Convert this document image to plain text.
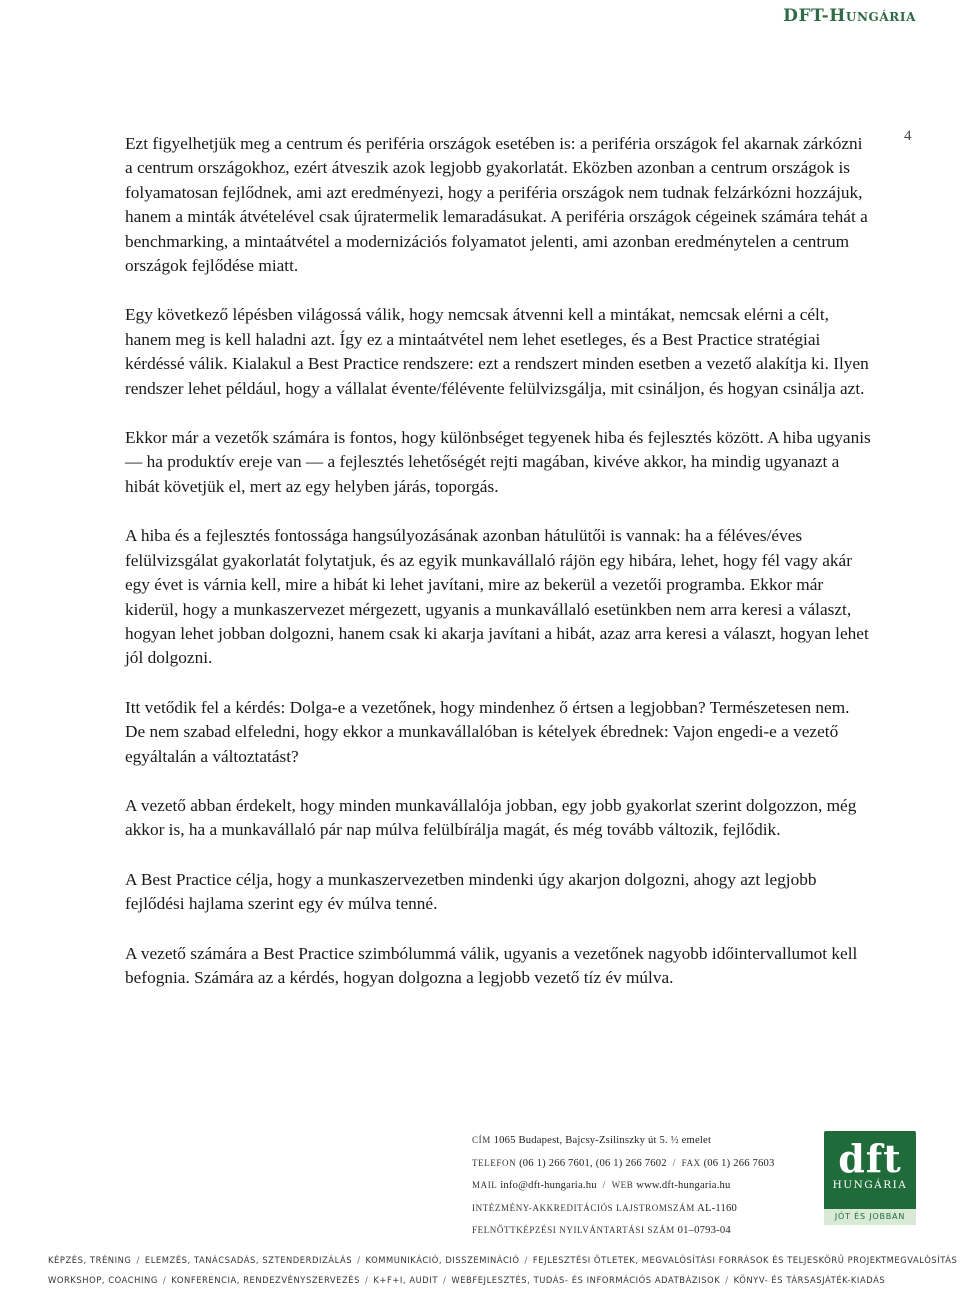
DFT-Hungária
4

Ezt figyelhetjük meg a centrum és periféria országok esetében is: a periféria országok fel akarnak zárkózni a centrum országokhoz, ezért átveszik azok legjobb gyakorlatát. Eközben azonban a centrum országok is folyamatosan fejlődnek, ami azt eredményezi, hogy a periféria országok nem tudnak felzárkózni hozzájuk, hanem a minták átvételével csak újratermelik lemaradásukat. A periféria országok cégeinek számára tehát a benchmarking, a mintaátvétel a modernizációs folyamatot jelenti, ami azonban eredménytelen a centrum országok fejlődése miatt.

Egy következő lépésben világossá válik, hogy nemcsak átvenni kell a mintákat, nemcsak elérni a célt, hanem meg is kell haladni azt. Így ez a mintaátvétel nem lehet esetleges, és a Best Practice stratégiai kérdéssé válik. Kialakul a Best Practice rendszere: ezt a rendszert minden esetben a vezető alakítja ki. Ilyen rendszer lehet például, hogy a vállalat évente/félévente felülvizsgálja, mit csináljon, és hogyan csinálja azt.

Ekkor már a vezetők számára is fontos, hogy különbséget tegyenek hiba és fejlesztés között. A hiba ugyanis — ha produktív ereje van — a fejlesztés lehetőségét rejti magában, kivéve akkor, ha mindig ugyanazt a hibát követjük el, mert az egy helyben járás, toporgás.

A hiba és a fejlesztés fontossága hangsúlyozásának azonban hátulütői is vannak: ha a féléves/éves felülvizsgálat gyakorlatát folytatjuk, és az egyik munkavállaló rájön egy hibára, lehet, hogy fél vagy akár egy évet is várnia kell, mire a hibát ki lehet javítani, mire az bekerül a vezetői programba. Ekkor már kiderül, hogy a munkaszervezet mérgezett, ugyanis a munkavállaló esetünkben nem arra keresi a választ, hogyan lehet jobban dolgozni, hanem csak ki akarja javítani a hibát, azaz arra keresi a választ, hogyan lehet jól dolgozni.

Itt vetődik fel a kérdés: Dolga-e a vezetőnek, hogy mindenhez ő értsen a legjobban? Természetesen nem. De nem szabad elfeledni, hogy ekkor a munkavállalóban is kételyek ébrednek: Vajon engedi-e a vezető egyáltalán a változtatást?

A vezető abban érdekelt, hogy minden munkavállalója jobban, egy jobb gyakorlat szerint dolgozzon, még akkor is, ha a munkavállaló pár nap múlva felülbírálja magát, és még tovább változik, fejlődik.

A Best Practice célja, hogy a munkaszervezetben mindenki úgy akarjon dolgozni, ahogy azt legjobb fejlődési hajlama szerint egy év múlva tenné.

A vezető számára a Best Practice szimbólummá válik, ugyanis a vezetőnek nagyobb időintervallumot kell befognia. Számára az a kérdés, hogyan dolgozna a legjobb vezető tíz év múlva.

CÍM 1065 Budapest, Bajcsy-Zsilinszky út 5. ½ emelet
TELEFON (06 1) 266 7601, (06 1) 266 7602 / FAX (06 1) 266 7603
MAIL info@dft-hungaria.hu / WEB www.dft-hungaria.hu
INTÉZMÉNY-AKKREDITÁCIÓS LAJSTROMSZÁM AL-1160
FELNŐTTKÉPZÉSI NYILVÁNTARTÁSI SZÁM 01–0793-04
dft
HUNGÁRIA
JÓT ÉS JOBBAN
KÉPZÉS, TRÉNING / ELEMZÉS, TANÁCSADÁS, SZTENDERDIZÁLÁS / KOMMUNIKÁCIÓ, DISSZEMINÁCIÓ / FEJLESZTÉSI ÖTLETEK, MEGVALÓSÍTÁSI FORRÁSOK ÉS TELJESKÖRŰ PROJEKTMEGVALÓSÍTÁS
WORKSHOP, COACHING / KONFERENCIA, RENDEZVÉNYSZERVEZÉS / K+F+I, AUDIT / WEBFEJLESZTÉS, TUDÁS- ÉS INFORMÁCIÓS ADATBÁZISOK / KÖNYV- ÉS TÁRSASJÁTÉK-KIADÁS
